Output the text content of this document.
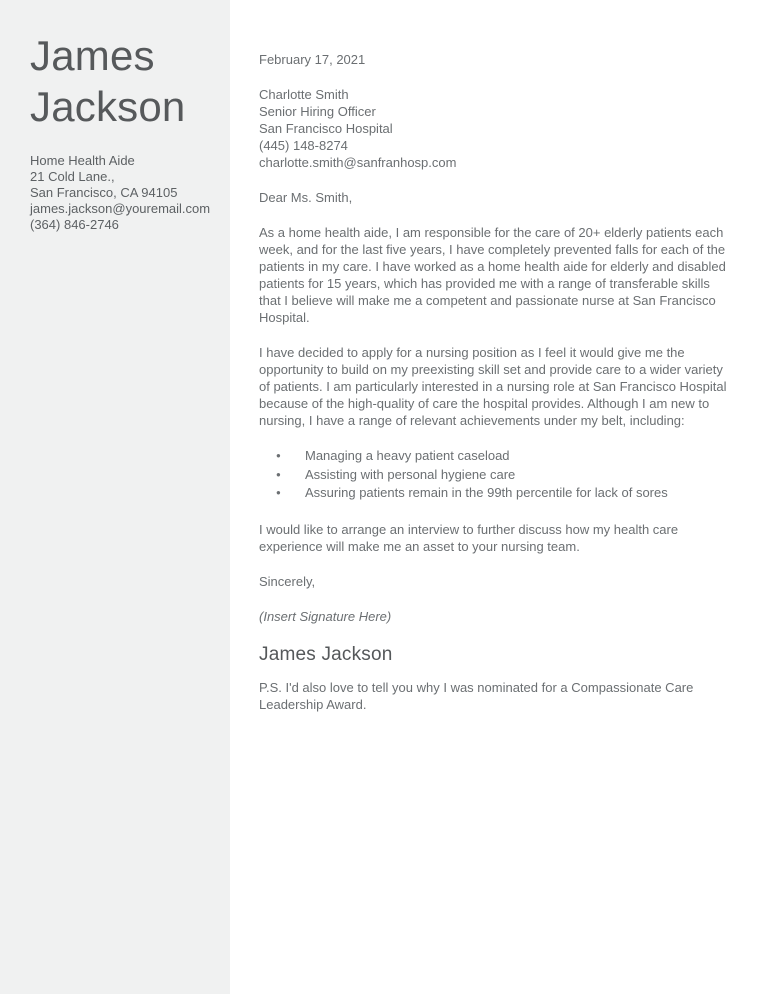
James
Jackson
Home Health Aide
21 Cold Lane.,
San Francisco, CA 94105
james.jackson@youremail.com
(364) 846-2746

February 17, 2021

Charlotte Smith
Senior Hiring Officer
San Francisco Hospital
(445) 148-8274
charlotte.smith@sanfranhosp.com

Dear Ms. Smith,

As a home health aide, I am responsible for the care of 20+ elderly patients each week, and for the last five years, I have completely prevented falls for each of the patients in my care. I have worked as a home health aide for elderly and disabled patients for 15 years, which has provided me with a range of transferable skills that I believe will make me a competent and passionate nurse at San Francisco Hospital.

I have decided to apply for a nursing position as I feel it would give me the opportunity to build on my preexisting skill set and provide care to a wider variety of patients. I am particularly interested in a nursing role at San Francisco Hospital because of the high-quality of care the hospital provides. Although I am new to nursing, I have a range of relevant achievements under my belt, including:

● Managing a heavy patient caseload
● Assisting with personal hygiene care
● Assuring patients remain in the 99th percentile for lack of sores

I would like to arrange an interview to further discuss how my health care experience will make me an asset to your nursing team.

Sincerely,

(Insert Signature Here)

James Jackson

P.S. I'd also love to tell you why I was nominated for a Compassionate Care Leadership Award.
